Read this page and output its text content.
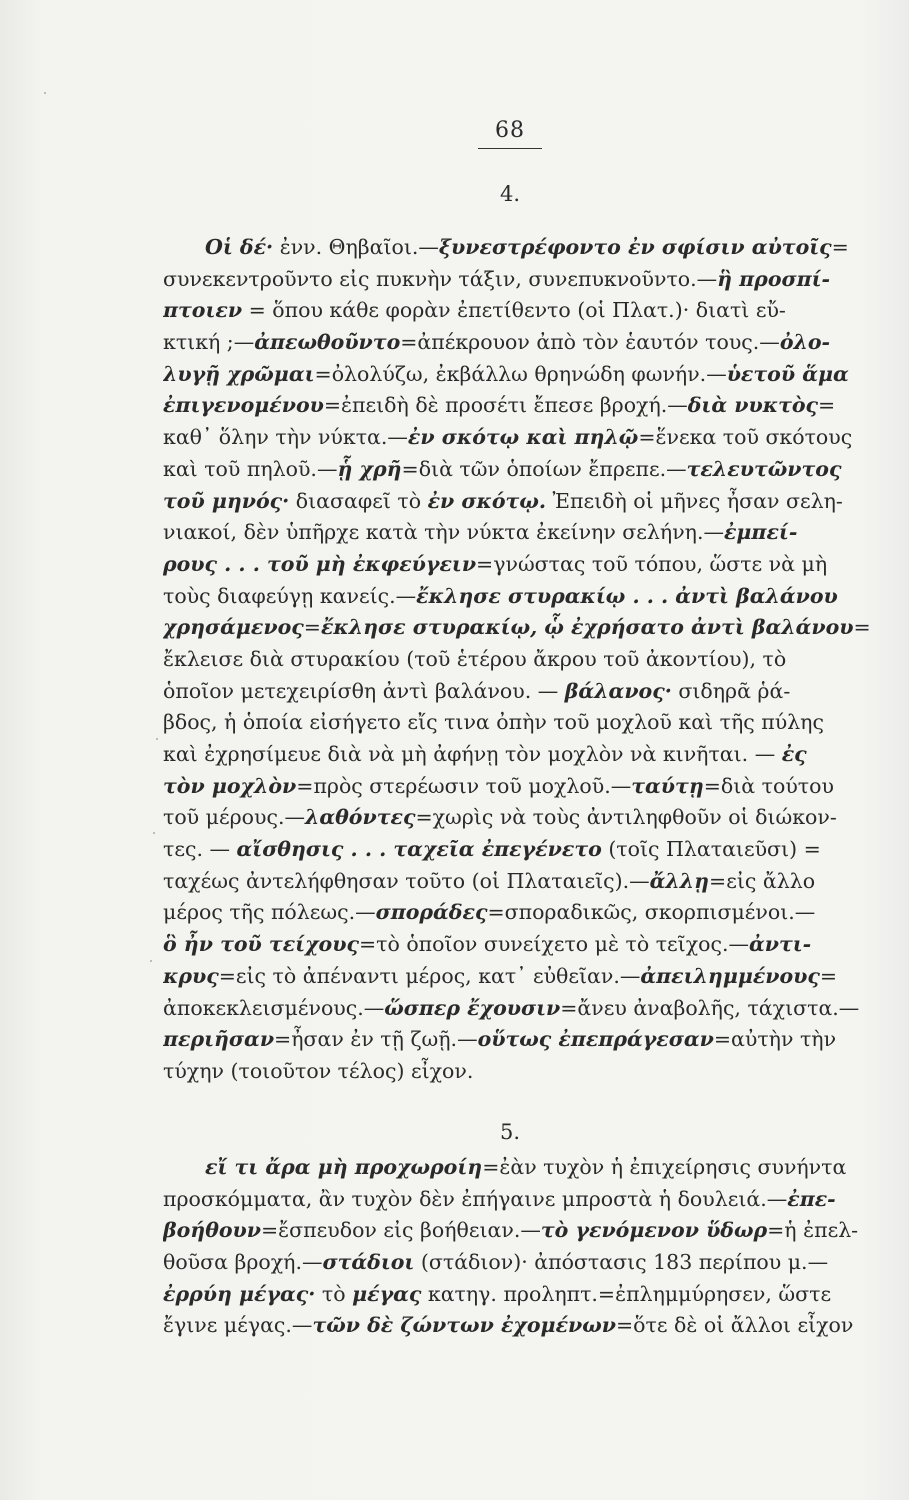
68
4.
Οἱ δέ· ἐνν. Θηβαῖοι.—ξυνεστρέφοντο ἐν σφίσιν αὐτοῖς=
συνεκεντροῦντο εἰς πυκνὴν τάξιν, συνεπυκνοῦντο.—ἣ προσπί-
πτοιεν = ὅπου κάθε φορὰν ἐπετίθεντο (οἱ Πλατ.)· διατὶ εὔ-
κτική ;—ἀπεωθοῦντο=ἀπέκρουον ἀπὸ τὸν ἑαυτόν τους.—ὀλο-
λυγῇ χρῶμαι=ὀλολύζω, ἐκβάλλω θρηνώδη φωνήν.—ὑετοῦ ἅμα
ἐπιγενομένου=ἐπειδὴ δὲ προσέτι ἔπεσε βροχή.—διὰ νυκτὸς=
καθ᾽ ὅλην τὴν νύκτα.—ἐν σκότῳ καὶ πηλῷ=ἕνεκα τοῦ σκότους
καὶ τοῦ πηλοῦ.—ᾗ χρῆ=διὰ τῶν ὁποίων ἔπρεπε.—τελευτῶντος
τοῦ μηνός· διασαφεῖ τὸ ἐν σκότῳ. Ἐπειδὴ οἱ μῆνες ἦσαν σελη-
νιακοί, δὲν ὑπῆρχε κατὰ τὴν νύκτα ἐκείνην σελήνη.—ἐμπεί-
ρους . . . τοῦ μὴ ἐκφεύγειν=γνώστας τοῦ τόπου, ὥστε νὰ μὴ
τοὺς διαφεύγῃ κανείς.—ἔκλησε στυρακίῳ . . . ἀντὶ βαλάνου
χρησάμενος=ἔκλησε στυρακίῳ, ᾧ ἐχρήσατο ἀντὶ βαλάνου=
ἔκλεισε διὰ στυρακίου (τοῦ ἑτέρου ἄκρου τοῦ ἀκοντίου), τὸ
ὁποῖον μετεχειρίσθη ἀντὶ βαλάνου. — βάλανος· σιδηρᾶ ῥά-
βδος, ἡ ὁποία εἰσήγετο εἴς τινα ὀπὴν τοῦ μοχλοῦ καὶ τῆς πύλης
καὶ ἐχρησίμευε διὰ νὰ μὴ ἀφήνῃ τὸν μοχλὸν νὰ κινῆται. — ἐς
τὸν μοχλὸν=πρὸς στερέωσιν τοῦ μοχλοῦ.—ταύτῃ=διὰ τούτου
τοῦ μέρους.—λαθόντες=χωρὶς νὰ τοὺς ἀντιληφθοῦν οἱ διώκον-
τες. — αἴσθησις . . . ταχεῖα ἐπεγένετο (τοῖς Πλαταιεῦσι) =
ταχέως ἀντελήφθησαν τοῦτο (οἱ Πλαταιεῖς).—ἄλλῃ=εἰς ἄλλο
μέρος τῆς πόλεως.—σποράδες=σποραδικῶς, σκορπισμένοι.—
ὃ ἦν τοῦ τείχους=τὸ ὁποῖον συνείχετο μὲ τὸ τεῖχος.—ἀντι-
κρυς=εἰς τὸ ἀπέναντι μέρος, κατ᾽ εὐθεῖαν.—ἀπειλημμένους=
ἀποκεκλεισμένους.—ὥσπερ ἔχουσιν=ἄνευ ἀναβολῆς, τάχιστα.—
περιῆσαν=ἦσαν ἐν τῇ ζωῇ.—οὕτως ἐπεπράγεσαν=αὐτὴν τὴν
τύχην (τοιοῦτον τέλος) εἶχον.
5.
εἴ τι ἄρα μὴ προχωροίη=ἐὰν τυχὸν ἡ ἐπιχείρησις συνήντα
προσκόμματα, ἂν τυχὸν δὲν ἐπήγαινε μπροστὰ ἡ δουλειά.—ἐπε-
βοήθουν=ἔσπευδον εἰς βοήθειαν.—τὸ γενόμενον ὕδωρ=ἡ ἐπελ-
θοῦσα βροχή.—στάδιοι (στάδιον)· ἀπόστασις 183 περίπου μ.—
ἐρρύη μέγας· τὸ μέγας κατηγ. προληπτ.=ἐπλημμύρησεν, ὥστε
ἔγινε μέγας.—τῶν δὲ ζώντων ἐχομένων=ὅτε δὲ οἱ ἄλλοι εἶχον
